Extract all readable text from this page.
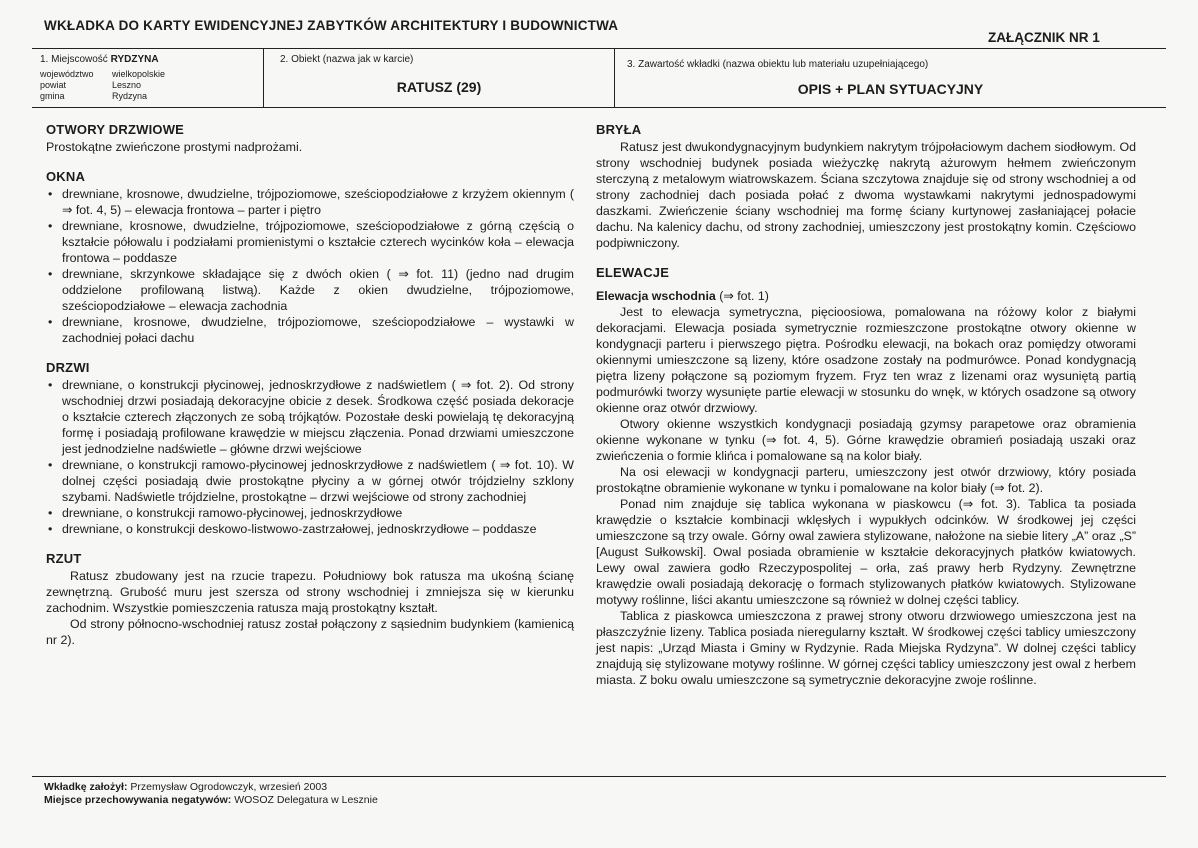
WKŁADKA DO KARTY EWIDENCYJNEJ ZABYTKÓW ARCHITEKTURY I BUDOWNICTWA
ZAŁĄCZNIK NR 1
1. Miejscowość RYDZYNA
województwo	wielkopolskie
powiat	Leszno
gmina	Rydzyna
2. Obiekt (nazwa jak w karcie)
RATUSZ (29)
3. Zawartość wkładki (nazwa obiektu lub materiału uzupełniającego)
OPIS + PLAN SYTUACYJNY
OTWORY DRZWIOWE

Prostokątne zwieńczone prostymi nadprożami.

OKNA
• drewniane, krosnowe, dwudzielne, trójpoziomowe, sześciopodziałowe z krzyżem okiennym ( ⇒ fot. 4, 5) – elewacja frontowa – parter i piętro
• drewniane, krosnowe, dwudzielne, trójpoziomowe, sześciopodziałowe z górną częścią o kształcie półowalu i podziałami promienistymi o kształcie czterech wycinków koła – elewacja frontowa – poddasze
• drewniane, skrzynkowe składające się z dwóch okien ( ⇒ fot. 11) (jedno nad drugim oddzielone profilowaną listwą). Każde z okien dwudzielne, trójpoziomowe, sześciopodziałowe – elewacja zachodnia
• drewniane, krosnowe, dwudzielne, trójpoziomowe, sześciopodziałowe – wystawki w zachodniej połaci dachu
DRZWI
• drewniane, o konstrukcji płycinowej, jednoskrzydłowe z nadświetlem ( ⇒ fot. 2). Od strony wschodniej drzwi posiadają dekoracyjne obicie z desek. Środkowa część posiada dekoracje o kształcie czterech złączonych ze sobą trójkątów. Pozostałe deski powielają tę dekoracyjną formę i posiadają profilowane krawędzie w miejscu złączenia. Ponad drzwiami umieszczone jest jednodzielne nadświetle – główne drzwi wejściowe
• drewniane, o konstrukcji ramowo-płycinowej jednoskrzydłowe z nadświetlem ( ⇒ fot. 10). W dolnej części posiadają dwie prostokątne płyciny a w górnej otwór trójdzielny szklony szybami. Nadświetle trójdzielne, prostokątne – drzwi wejściowe od strony zachodniej
• drewniane, o konstrukcji ramowo-płycinowej, jednoskrzydłowe
• drewniane, o konstrukcji deskowo-listwowo-zastrzałowej, jednoskrzydłowe – poddasze
RZUT

Ratusz zbudowany jest na rzucie trapezu. Południowy bok ratusza ma ukośną ścianę zewnętrzną. Grubość muru jest szersza od strony wschodniej i zmniejsza się w kierunku zachodnim. Wszystkie pomieszczenia ratusza mają prostokątny kształt.

Od strony północno-wschodniej ratusz został połączony z sąsiednim budynkiem (kamienicą nr 2).

BRYŁA

Ratusz jest dwukondygnacyjnym budynkiem nakrytym trójpołaciowym dachem siodłowym. Od strony wschodniej budynek posiada wieżyczkę nakrytą ażurowym hełmem zwieńczonym sterczyną z metalowym wiatrowskazem. Ściana szczytowa znajduje się od strony wschodniej a od strony zachodniej dach posiada połać z dwoma wystawkami nakrytymi jednospadowymi daszkami. Zwieńczenie ściany wschodniej ma formę ściany kurtynowej zasłaniającej połacie dachu. Na kalenicy dachu, od strony zachodniej, umieszczony jest prostokątny komin. Częściowo podpiwniczony.

ELEWACJE

Elewacja wschodnia (⇒ fot. 1)

Jest to elewacja symetryczna, pięcioosiowa, pomalowana na różowy kolor z białymi dekoracjami. Elewacja posiada symetrycznie rozmieszczone prostokątne otwory okienne w kondygnacji parteru i pierwszego piętra. Pośrodku elewacji, na bokach oraz pomiędzy otworami okiennymi umieszczone są lizeny, które osadzone zostały na podmurówce. Ponad kondygnacją piętra lizeny połączone są poziomym fryzem. Fryz ten wraz z lizenami oraz wysuniętą partią podmurówki tworzy wysunięte partie elewacji w stosunku do wnęk, w których osadzone są otwory okienne oraz otwór drzwiowy.

Otwory okienne wszystkich kondygnacji posiadają gzymsy parapetowe oraz obramienia okienne wykonane w tynku (⇒ fot. 4, 5). Górne krawędzie obramień posiadają uszaki oraz zwieńczenia o formie klińca i pomalowane są na kolor biały.

Na osi elewacji w kondygnacji parteru, umieszczony jest otwór drzwiowy, który posiada prostokątne obramienie wykonane w tynku i pomalowane na kolor biały (⇒ fot. 2).

Ponad nim znajduje się tablica wykonana w piaskowcu (⇒ fot. 3). Tablica ta posiada krawędzie o kształcie kombinacji wklęsłych i wypukłych odcinków. W środkowej jej części umieszczone są trzy owale. Górny owal zawiera stylizowane, nałożone na siebie litery „A” oraz „S” [August Sułkowski]. Owal posiada obramienie w kształcie dekoracyjnych płatków kwiatowych. Lewy owal zawiera godło Rzeczypospolitej – orła, zaś prawy herb Rydzyny. Zewnętrzne krawędzie owali posiadają dekorację o formach stylizowanych płatków kwiatowych. Stylizowane motywy roślinne, liści akantu umieszczone są również w dolnej części tablicy.

Tablica z piaskowca umieszczona z prawej strony otworu drzwiowego umieszczona jest na płaszczyźnie lizeny. Tablica posiada nieregularny kształt. W środkowej części tablicy umieszczony jest napis: „Urząd Miasta i Gminy w Rydzynie. Rada Miejska Rydzyna”. W dolnej części tablicy znajdują się stylizowane motywy roślinne. W górnej części tablicy umieszczony jest owal z herbem miasta. Z boku owalu umieszczone są symetrycznie dekoracyjne zwoje roślinne.

Wkładkę założył: Przemysław Ogrodowczyk, wrzesień 2003
Miejsce przechowywania negatywów: WOSOZ Delegatura w Lesznie
